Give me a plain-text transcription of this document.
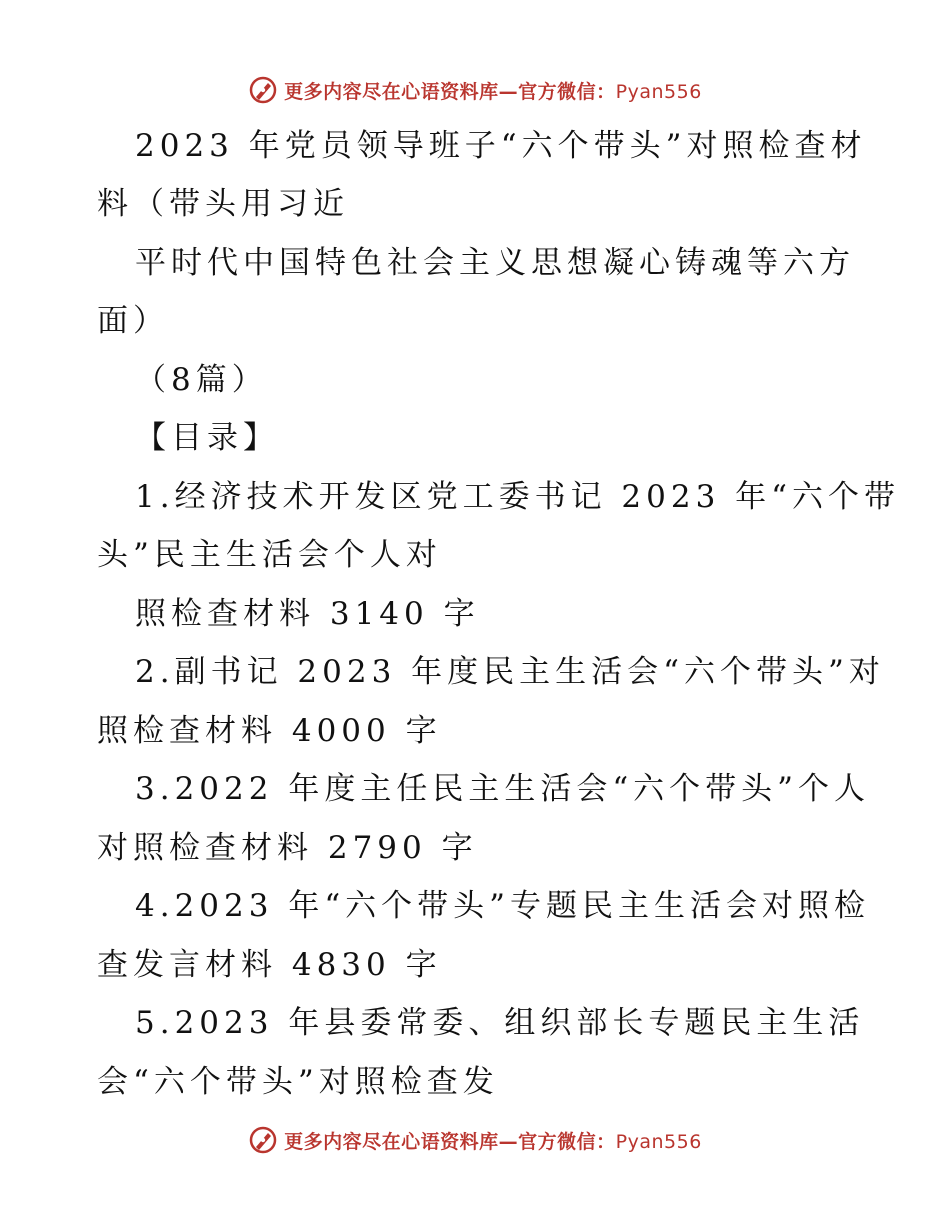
更多内容尽在心语资料库—官方微信：Pyan556
2023 年党员领导班子“六个带头”对照检查材
料（带头用习近
平时代中国特色社会主义思想凝心铸魂等六方
面）
（8篇）
【目录】
1.经济技术开发区党工委书记 2023 年“六个带
头”民主生活会个人对
照检查材料 3140 字
2.副书记 2023 年度民主生活会“六个带头”对
照检查材料 4000 字
3.2022 年度主任民主生活会“六个带头”个人
对照检查材料 2790 字
4.2023 年“六个带头”专题民主生活会对照检
查发言材料 4830 字
5.2023 年县委常委、组织部长专题民主生活
会“六个带头”对照检查发
更多内容尽在心语资料库—官方微信：Pyan556
